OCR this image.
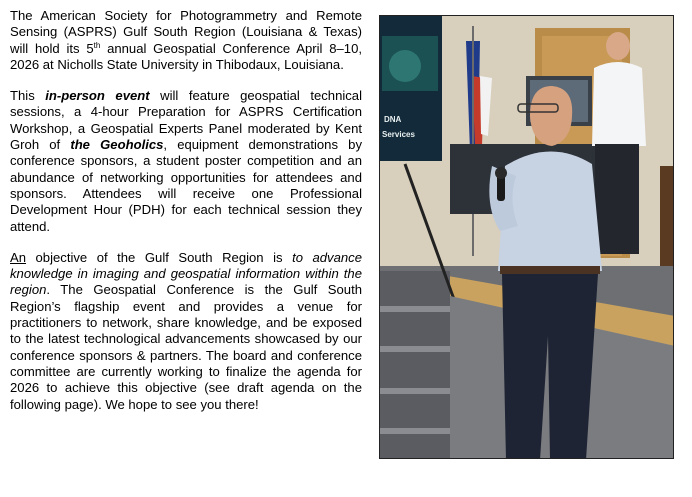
The American Society for Photogrammetry and Remote Sensing (ASPRS) Gulf South Region (Louisiana & Texas) will hold its 5th annual Geospatial Conference April 8–10, 2026 at Nicholls State University in Thibodaux, Louisiana.

This in-person event will feature geospatial technical sessions, a 4-hour Preparation for ASPRS Certification Workshop, a Geospatial Experts Panel moderated by Kent Groh of the Geoholics, equipment demonstrations by conference sponsors, a student poster competition and an abundance of networking opportunities for attendees and sponsors. Attendees will receive one Professional Development Hour (PDH) for each technical session they attend.

An objective of the Gulf South Region is to advance knowledge in imaging and geospatial information within the region. The Geospatial Conference is the Gulf South Region’s flagship event and provides a venue for practitioners to network, share knowledge, and be exposed to the latest technological advancements showcased by our conference sponsors & partners. The board and conference committee are currently working to finalize the agenda for 2026 to achieve this objective (see draft agenda on the following page). We hope to see you there!

DNA
Services
